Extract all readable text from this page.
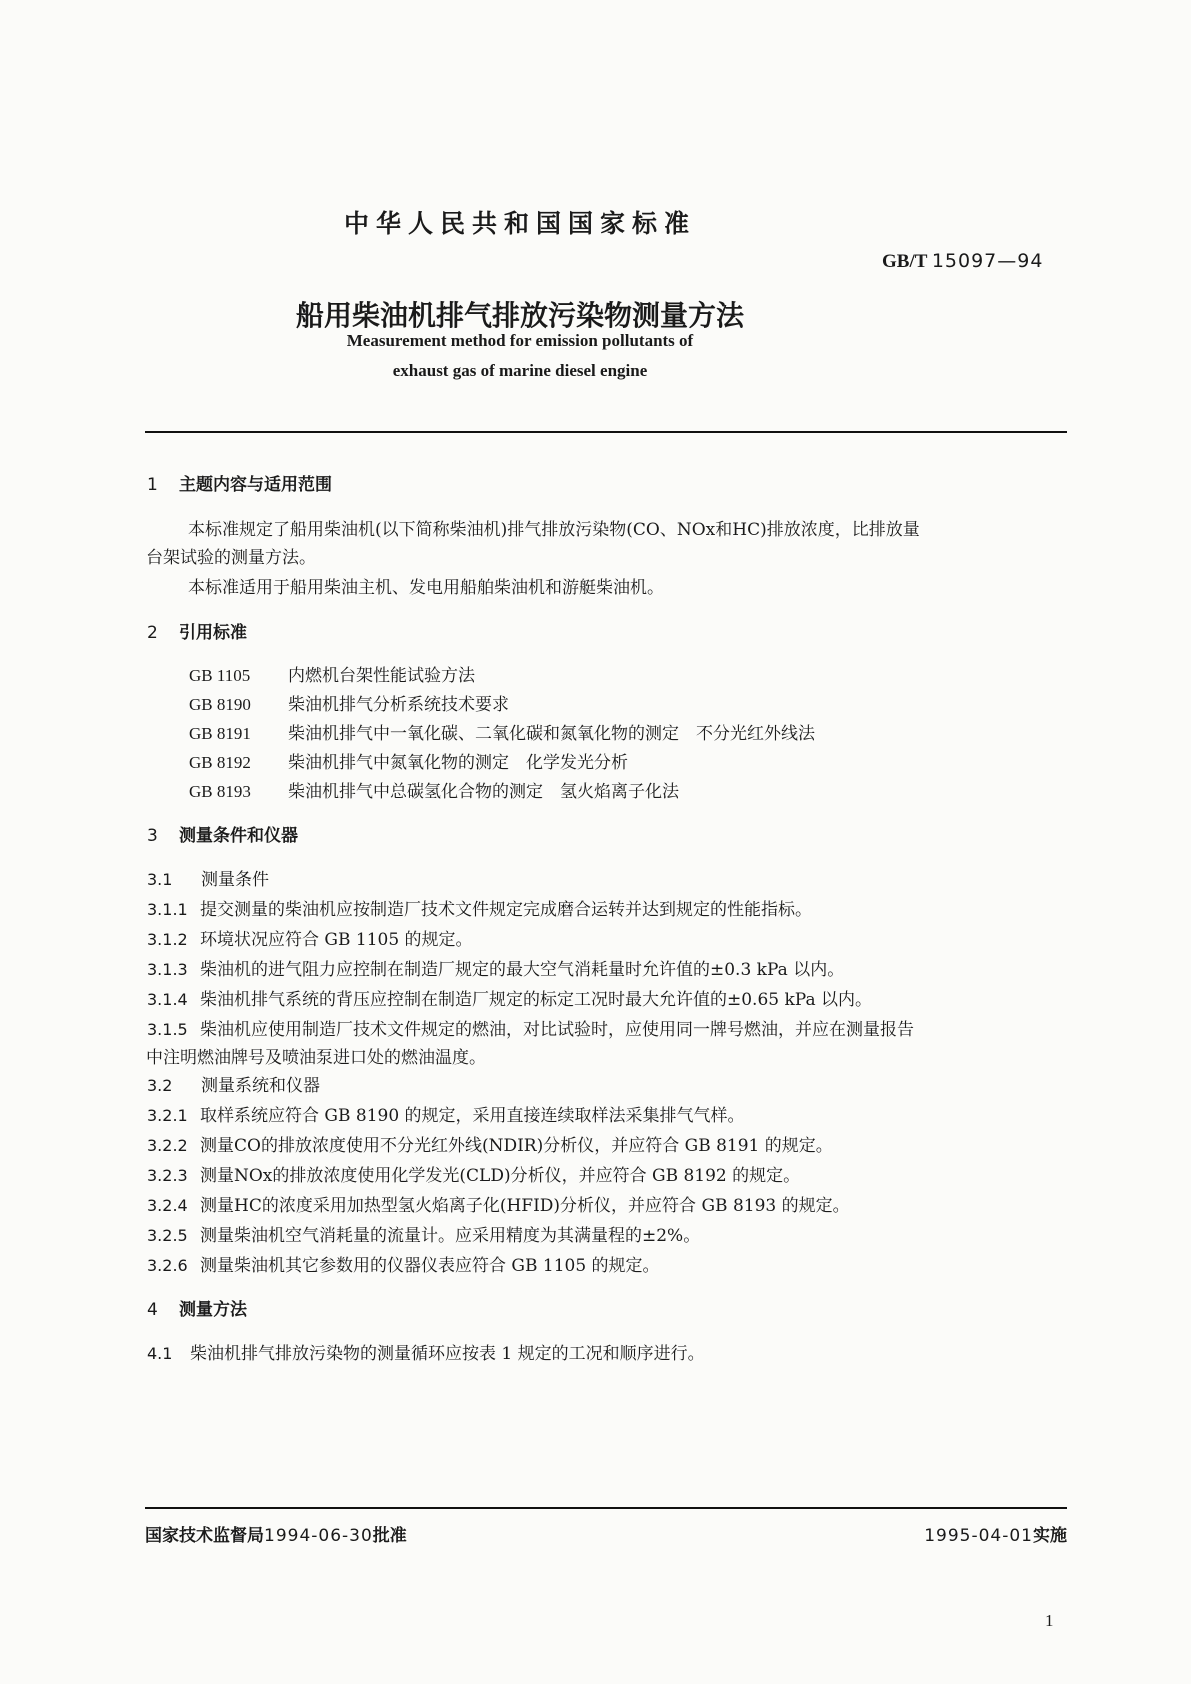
中华人民共和国国家标准
船用柴油机排气排放污染物测量方法
GB/T 15097—94
Measurement method for emission pollutants of
exhaust gas of marine diesel engine
1 主题内容与适用范围
本标准规定了船用柴油机(以下简称柴油机)排气排放污染物(CO、NOx和HC)排放浓度，比排放量
台架试验的测量方法。
本标准适用于船用柴油主机、发电用船舶柴油机和游艇柴油机。
2 引用标准
GB 1105 内燃机台架性能试验方法
GB 8190 柴油机排气分析系统技术要求
GB 8191 柴油机排气中一氧化碳、二氧化碳和氮氧化物的测定　不分光红外线法
GB 8192 柴油机排气中氮氧化物的测定　化学发光分析
GB 8193 柴油机排气中总碳氢化合物的测定　氢火焰离子化法
3 测量条件和仪器
3.1 测量条件
3.1.1 提交测量的柴油机应按制造厂技术文件规定完成磨合运转并达到规定的性能指标。
3.1.2 环境状况应符合 GB 1105 的规定。
3.1.3 柴油机的进气阻力应控制在制造厂规定的最大空气消耗量时允许值的±0.3 kPa 以内。
3.1.4 柴油机排气系统的背压应控制在制造厂规定的标定工况时最大允许值的±0.65 kPa 以内。
3.1.5 柴油机应使用制造厂技术文件规定的燃油，对比试验时，应使用同一牌号燃油，并应在测量报告
中注明燃油牌号及喷油泵进口处的燃油温度。
3.2 测量系统和仪器
3.2.1 取样系统应符合 GB 8190 的规定，采用直接连续取样法采集排气气样。
3.2.2 测量CO的排放浓度使用不分光红外线(NDIR)分析仪，并应符合 GB 8191 的规定。
3.2.3 测量NOx的排放浓度使用化学发光(CLD)分析仪，并应符合 GB 8192 的规定。
3.2.4 测量HC的浓度采用加热型氢火焰离子化(HFID)分析仪，并应符合 GB 8193 的规定。
3.2.5 测量柴油机空气消耗量的流量计。应采用精度为其满量程的±2%。
3.2.6 测量柴油机其它参数用的仪器仪表应符合 GB 1105 的规定。
4 测量方法
4.1 柴油机排气排放污染物的测量循环应按表 1 规定的工况和顺序进行。
国家技术监督局1994-06-30批准	1995-04-01实施
1
